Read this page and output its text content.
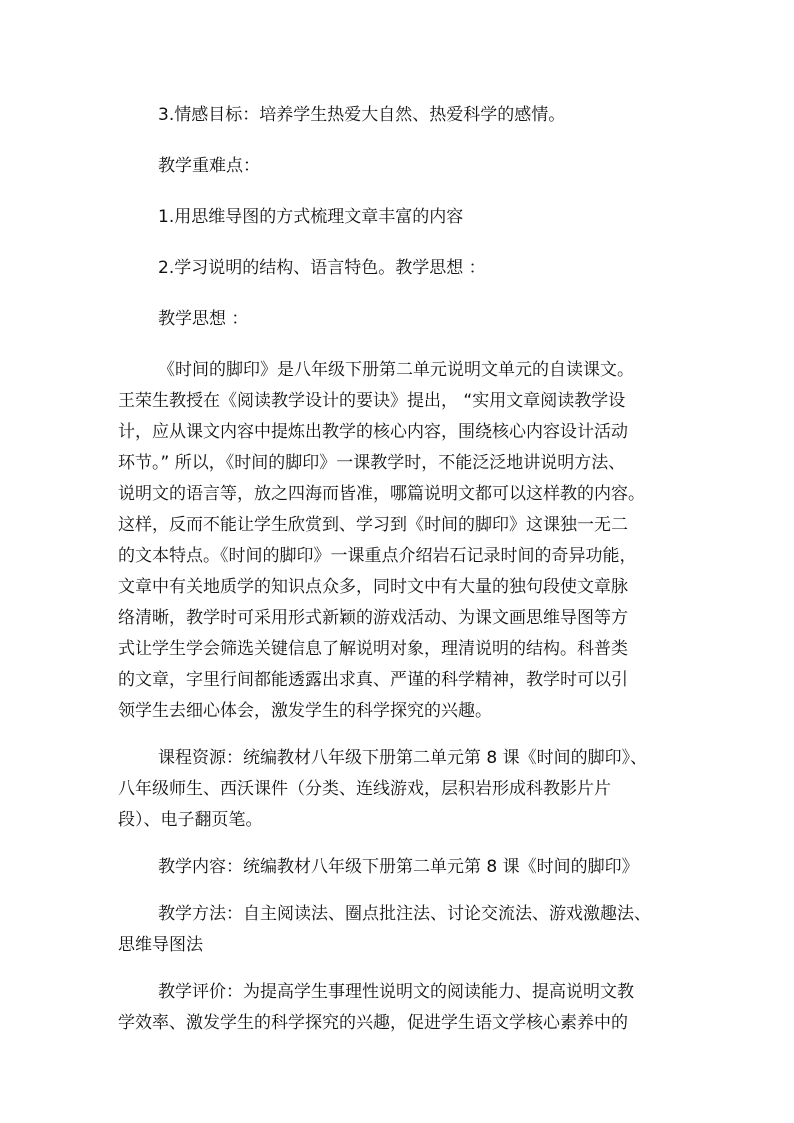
3.情感目标：培养学生热爱大自然、热爱科学的感情。

教学重难点：

1.用思维导图的方式梳理文章丰富的内容

2.学习说明的结构、语言特色。教学思想 ：

教学思想 ：

《时间的脚印》是八年级下册第二单元说明文单元的自读课文。
王荣生教授在《阅读教学设计的要诀》提出， “实用文章阅读教学设
计，应从课文内容中提炼出教学的核心内容，围绕核心内容设计活动
环节。” 所以，《时间的脚印》一课教学时，不能泛泛地讲说明方法、
说明文的语言等，放之四海而皆准，哪篇说明文都可以这样教的内容。
这样，反而不能让学生欣赏到、学习到《时间的脚印》这课独一无二
的文本特点。《时间的脚印》一课重点介绍岩石记录时间的奇异功能，
文章中有关地质学的知识点众多，同时文中有大量的独句段使文章脉
络清晰，教学时可采用形式新颖的游戏活动、为课文画思维导图等方
式让学生学会筛选关键信息了解说明对象，理清说明的结构。科普类
的文章，字里行间都能透露出求真、严谨的科学精神，教学时可以引
领学生去细心体会，激发学生的科学探究的兴趣。

课程资源：统编教材八年级下册第二单元第 8 课《时间的脚印》、
八年级师生、西沃课件（分类、连线游戏，层积岩形成科教影片片
段）、电子翻页笔。

教学内容：统编教材八年级下册第二单元第 8 课《时间的脚印》

教学方法：自主阅读法、圈点批注法、讨论交流法、游戏激趣法、
思维导图法

教学评价：为提高学生事理性说明文的阅读能力、提高说明文教
学效率、激发学生的科学探究的兴趣，促进学生语文学核心素养中的
